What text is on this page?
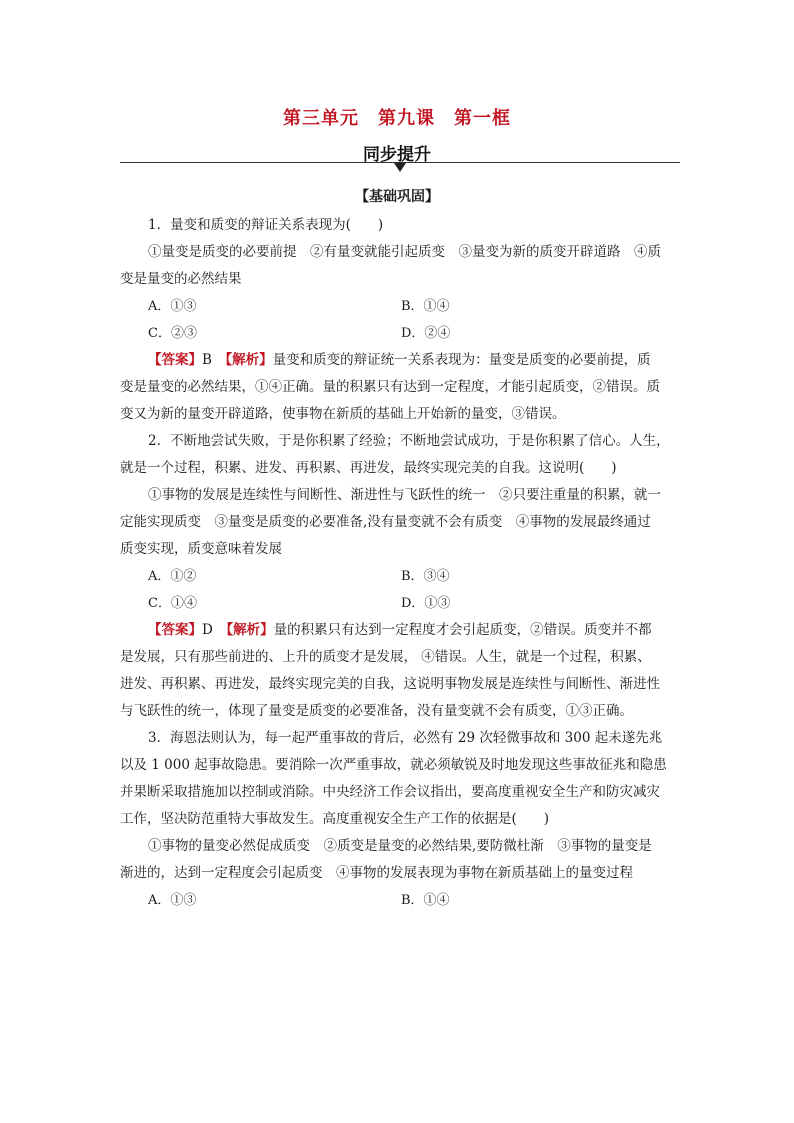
第三单元　第九课　第一框
同步提升
【基础巩固】

1．量变和质变的辩证关系表现为(　　)

①量变是质变的必要前提　②有量变就能引起质变　③量变为新的质变开辟道路　④质

变是量变的必然结果

A．①③	B．①④
C．②③	D．②④

【答案】B　 【解析】量变和质变的辩证统一关系表现为：量变是质变的必要前提，质

变是量变的必然结果，①④正确。量的积累只有达到一定程度，才能引起质变，②错误。质

变又为新的量变开辟道路，使事物在新质的基础上开始新的量变，③错误。

2．不断地尝试失败，于是你积累了经验；不断地尝试成功，于是你积累了信心。人生，

就是一个过程，积累、进发、再积累、再进发，最终实现完美的自我。这说明(　　)

①事物的发展是连续性与间断性、渐进性与飞跃性的统一　②只要注重量的积累，就一

定能实现质变　③量变是质变的必要准备,没有量变就不会有质变　④事物的发展最终通过

质变实现，质变意味着发展

A．①②	B．③④
C．①④	D．①③

【答案】D　 【解析】量的积累只有达到一定程度才会引起质变，②错误。质变并不都

是发展，只有那些前进的、上升的质变才是发展， ④错误。人生，就是一个过程，积累、

进发、再积累、再进发，最终实现完美的自我，这说明事物发展是连续性与间断性、渐进性

与飞跃性的统一，体现了量变是质变的必要准备，没有量变就不会有质变，①③正确。

3．海恩法则认为，每一起严重事故的背后，必然有 29 次轻微事故和 300 起未遂先兆

以及 1 000 起事故隐患。要消除一次严重事故，就必须敏锐及时地发现这些事故征兆和隐患

并果断采取措施加以控制或消除。中央经济工作会议指出，要高度重视安全生产和防灾减灾

工作，坚决防范重特大事故发生。高度重视安全生产工作的依据是(　　)

①事物的量变必然促成质变　②质变是量变的必然结果,要防微杜渐　③事物的量变是

渐进的，达到一定程度会引起质变　④事物的发展表现为事物在新质基础上的量变过程

A．①③	B．①④
